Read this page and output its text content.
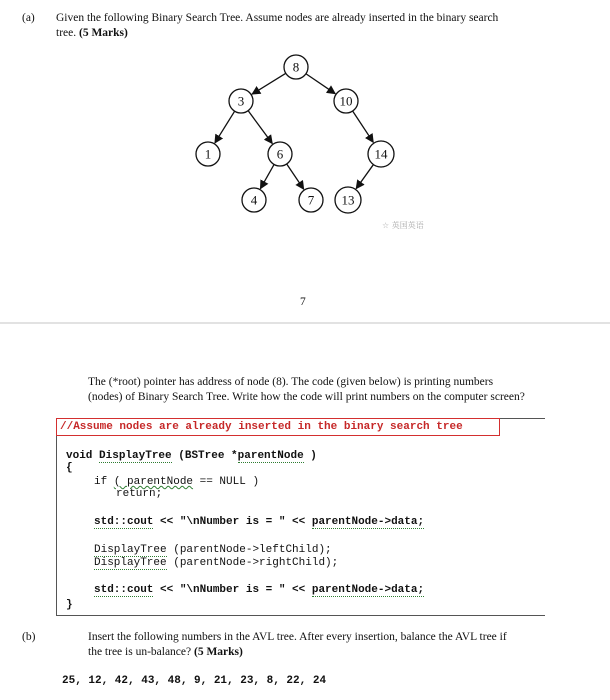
(a) Given the following Binary Search Tree. Assume nodes are already inserted in the binary search
tree. (5 Marks)
8
3	10
1	6	14
4	7 13
☆ 英国英语
7
The (*root) pointer has address of node (8). The code (given below) is printing numbers
(nodes) of Binary Search Tree. Write how the code will print numbers on the computer screen?
//Assume nodes are already inserted in the binary search tree
void DisplayTree (BSTree *parentNode )
{
if ( parentNode == NULL )
return;
std::cout << "\nNumber is = " << parentNode->data;
DisplayTree (parentNode->leftChild);
DisplayTree (parentNode->rightChild);
std::cout << "\nNumber is = " << parentNode->data;
}
(b)	Insert the following numbers in the AVL tree. After every insertion, balance the AVL tree if
the tree is un-balance? (5 Marks)
25, 12, 42, 43, 48, 9, 21, 23, 8, 22, 24
